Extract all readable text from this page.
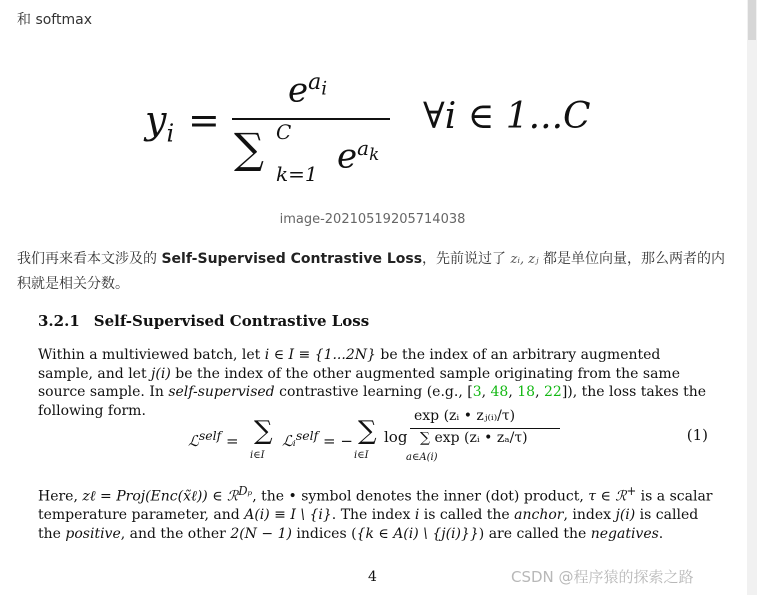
和 softmax
$y_i$ =
$e^{a_i}$
∑ C
k=1 $e^{a_k}$
∀i ∈ 1...C
image-20210519205714038
我们再来看本文涉及的 Self-Supervised Contrastive Loss，先前说过了 zᵢ, zⱼ 都是单位向量，那么两者的内积就是相关分数。
3.2.1 Self-Supervised Contrastive Loss
Within a multiviewed batch, let i ∈ I ≡ {1...2N} be the index of an arbitrary augmented sample, and let j(i) be the index of the other augmented sample originating from the same source sample. In self-supervised contrastive learning (e.g., [3, 48, 18, 22]), the loss takes the following form.
ℒ$^{self}$ = ∑
i∈I
ℒᵢ$^{self}$ = − ∑
i∈I
log
exp (zᵢ • zⱼ₍ᵢ₎/τ)
∑ exp (zᵢ • zₐ/τ)
a∈A(i)
(1)
Here, zℓ = Proj(Enc(x̃ℓ)) ∈ ℛ$^{D_p}$, the • symbol denotes the inner (dot) product, τ ∈ ℛ+ is a scalar temperature parameter, and A(i) ≡ I \ {i}. The index i is called the anchor, index j(i) is called the positive, and the other 2(N − 1) indices ({k ∈ A(i) \ {j(i)}}) are called the negatives.
4	CSDN @程序猿的探索之路
